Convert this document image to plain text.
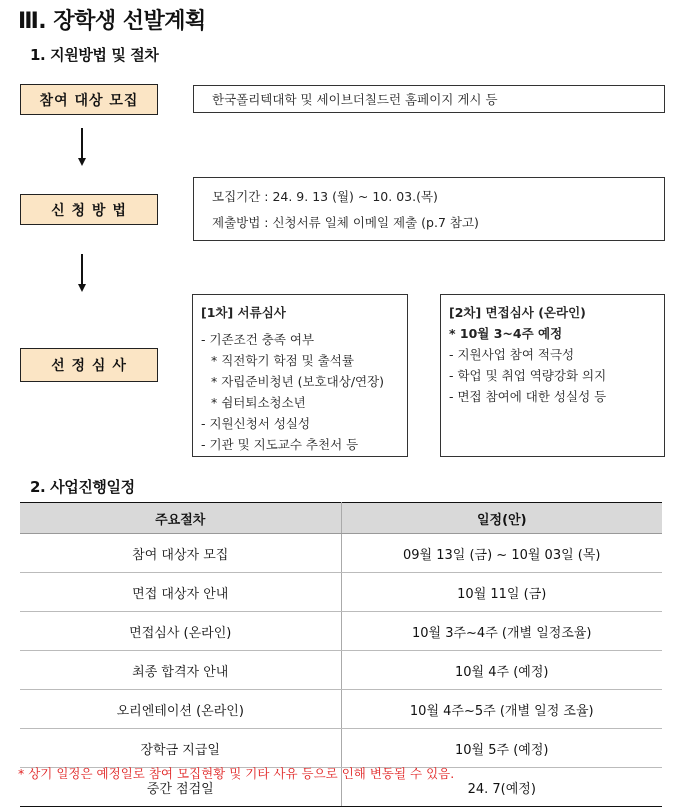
Ⅲ. 장학생 선발계획
1. 지원방법 및 절차
참여 대상 모집	한국폴리텍대학 및 세이브더칠드런 홈페이지 게시 등
신 청 방 법
모집기간 : 24. 9. 13 (월) ~ 10. 03.(목)
제출방법 : 신청서류 일체 이메일 제출 (p.7 참고)
선 정 심 사
[1차] 서류심사
- 기존조건 충족 여부
* 직전학기 학점 및 출석률
* 자립준비청년 (보호대상/연장)
* 쉼터퇴소청소년
- 지원신청서 성실성
- 기관 및 지도교수 추천서 등
[2차] 면접심사 (온라인)
* 10월 3~4주 예정
- 지원사업 참여 적극성
- 학업 및 취업 역량강화 의지
- 면접 참여에 대한 성실성 등
2. 사업진행일정
주요절차	일정(안)
참여 대상자 모집	09월 13일 (금) ~ 10월 03일 (목)
면접 대상자 안내	10월 11일 (금)
면접심사 (온라인)	10월 3주~4주 (개별 일정조율)
최종 합격자 안내	10월 4주 (예정)
오리엔테이션 (온라인)	10월 4주~5주 (개별 일정 조율)
장학금 지급일	10월 5주 (예정)
중간 점검일	24. 7(예정)
* 상기 일정은 예정일로 참여 모집현황 및 기타 사유 등으로 인해 변동될 수 있음.
